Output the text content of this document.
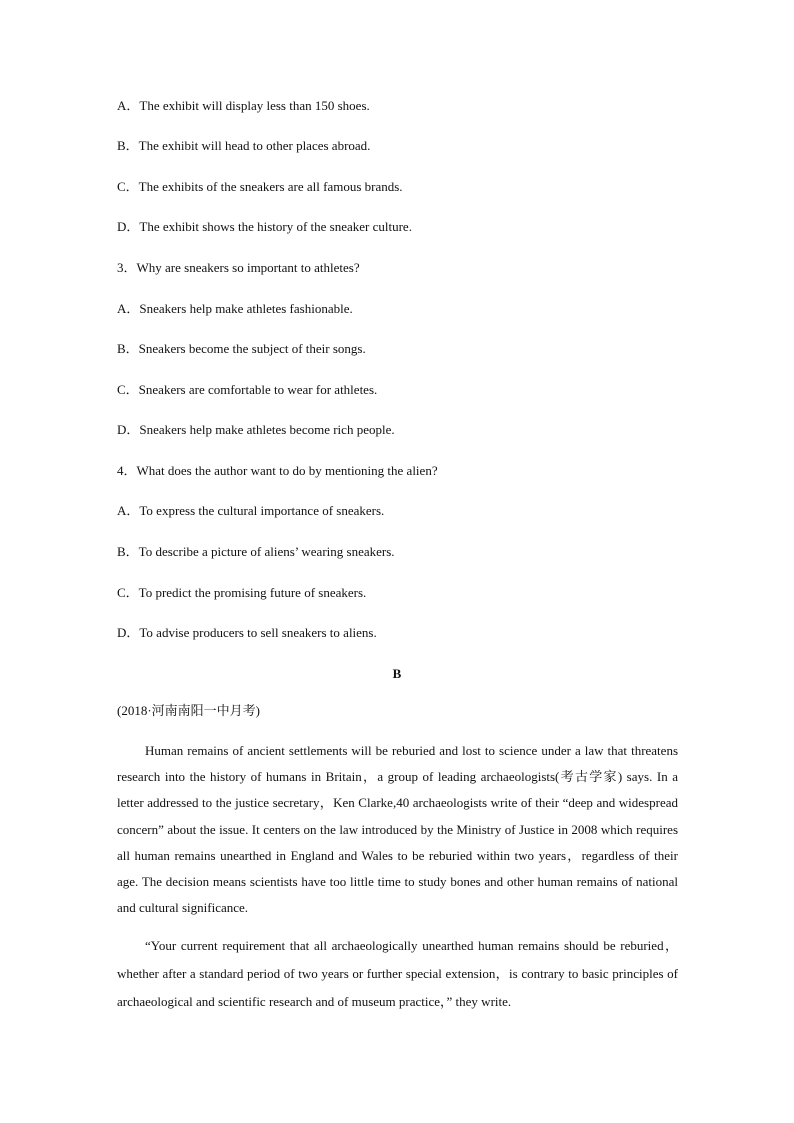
A．The exhibit will display less than 150 shoes.
B．The exhibit will head to other places abroad.
C．The exhibits of the sneakers are all famous brands.
D．The exhibit shows the history of the sneaker culture.
3．Why are sneakers so important to athletes?
A．Sneakers help make athletes fashionable.
B．Sneakers become the subject of their songs.
C．Sneakers are comfortable to wear for athletes.
D．Sneakers help make athletes become rich people.
4．What does the author want to do by mentioning the alien?
A．To express the cultural importance of sneakers.
B．To describe a picture of aliens’ wearing sneakers.
C．To predict the promising future of sneakers.
D．To advise producers to sell sneakers to aliens.
B
(2018·河南南阳一中月考)
Human remains of ancient settlements will be reburied and lost to science under a law that threatens research into the history of humans in Britain，a group of leading archaeologists(考古学家) says. In a letter addressed to the justice secretary，Ken Clarke,40 archaeologists write of their “deep and widespread concern” about the issue. It centers on the law introduced by the Ministry of Justice in 2008 which requires all human remains unearthed in England and Wales to be reburied within two years，regardless of their age. The decision means scientists have too little time to study bones and other human remains of national and cultural significance.
“Your current requirement that all archaeologically unearthed human remains should be reburied，whether after a standard period of two years or further special extension，is contrary to basic principles of archaeological and scientific research and of museum practice，” they write.
